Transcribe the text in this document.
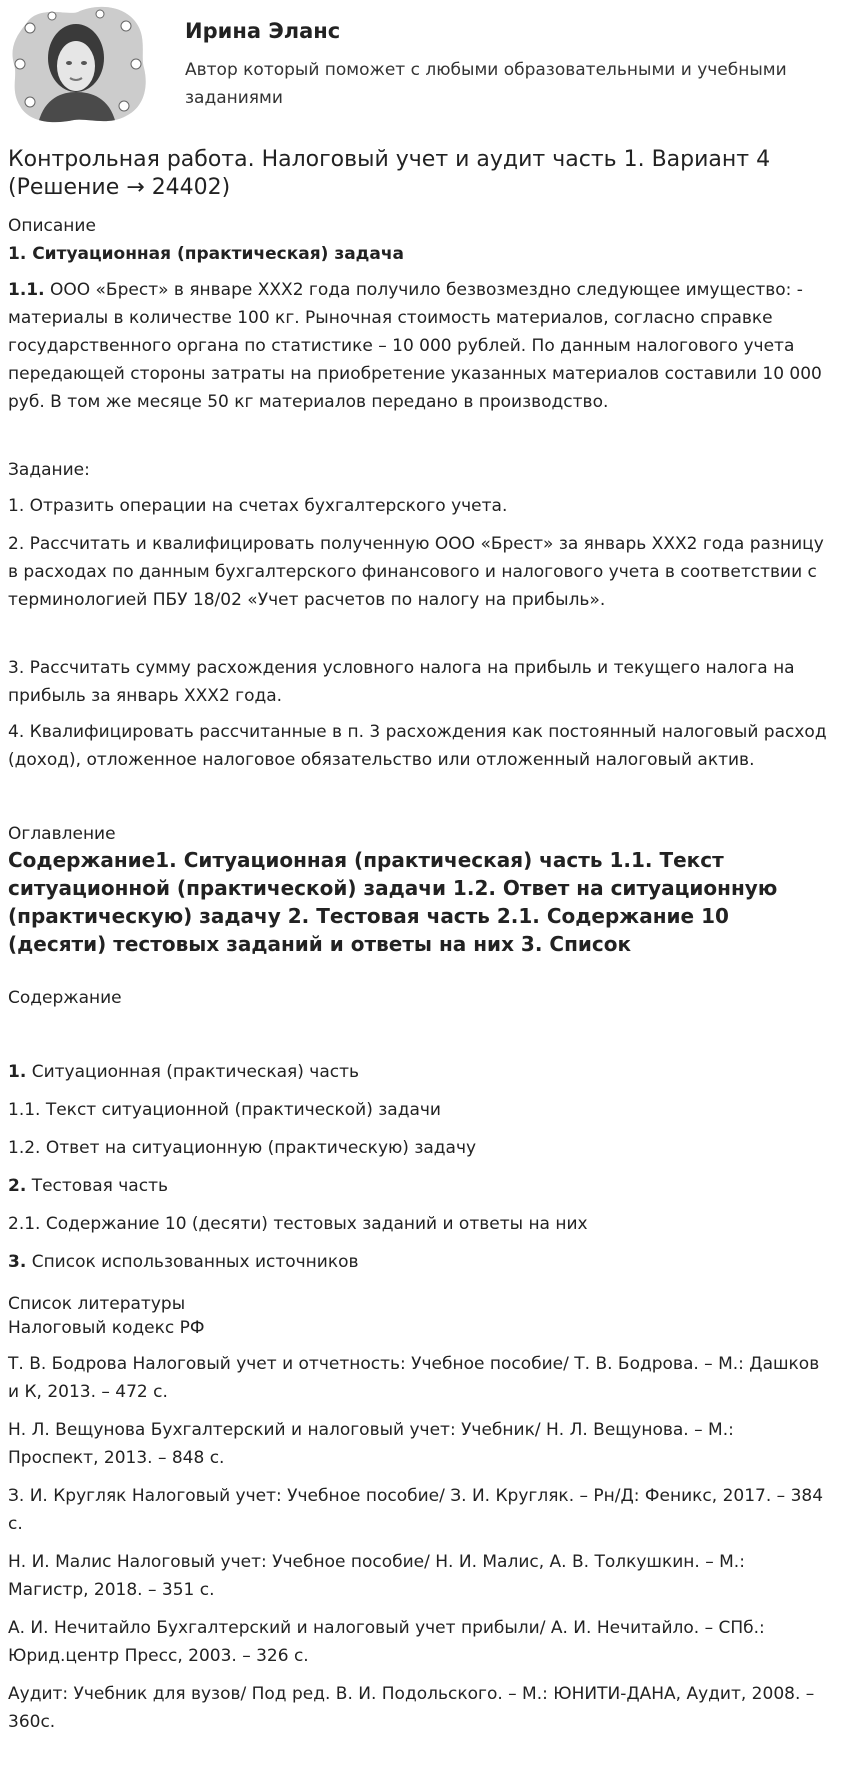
Ирина Эланс

Автор который поможет с любыми образовательными и учебными заданиями

Контрольная работа. Налоговый учет и аудит часть 1. Вариант 4 (Решение → 24402)

Описание

1. Ситуационная (практическая) задача

1.1. ООО «Брест» в январе ХХХ2 года получило безвозмездно следующее имущество: - материалы в количестве 100 кг. Рыночная стоимость материалов, согласно справке государственного органа по статистике – 10 000 рублей. По данным налогового учета передающей стороны затраты на приобретение указанных материалов составили 10 000 руб. В том же месяце 50 кг материалов передано в производство.

Задание:

1. Отразить операции на счетах бухгалтерского учета.

2. Рассчитать и квалифицировать полученную ООО «Брест» за январь ХХХ2 года разницу в расходах по данным бухгалтерского финансового и налогового учета в соответствии с терминологией ПБУ 18/02 «Учет расчетов по налогу на прибыль».

3. Рассчитать сумму расхождения условного налога на прибыль и текущего налога на прибыль за январь ХХХ2 года.

4. Квалифицировать рассчитанные в п. 3 расхождения как постоянный налоговый расход (доход), отложенное налоговое обязательство или отложенный налоговый актив.

Оглавление

Содержание1. Ситуационная (практическая) часть 1.1. Текст ситуационной (практической) задачи 1.2. Ответ на ситуационную (практическую) задачу 2. Тестовая часть 2.1. Содержание 10 (десяти) тестовых заданий и ответы на них 3. Список

Содержание

1. Ситуационная (практическая) часть

1.1. Текст ситуационной (практической) задачи

1.2. Ответ на ситуационную (практическую) задачу

2. Тестовая часть

2.1. Содержание 10 (десяти) тестовых заданий и ответы на них

3. Список использованных источников

Список литературы

Налоговый кодекс РФ

Т. В. Бодрова Налоговый учет и отчетность: Учебное пособие/ Т. В. Бодрова. – М.: Дашков и К, 2013. – 472 с.

Н. Л. Вещунова Бухгалтерский и налоговый учет: Учебник/ Н. Л. Вещунова. – М.: Проспект, 2013. – 848 с.

З. И. Кругляк Налоговый учет: Учебное пособие/ З. И. Кругляк. – Рн/Д: Феникс, 2017. – 384 с.

Н. И. Малис Налоговый учет: Учебное пособие/ Н. И. Малис, А. В. Толкушкин. – М.: Магистр, 2018. – 351 с.

А. И. Нечитайло Бухгалтерский и налоговый учет прибыли/ А. И. Нечитайло. – СПб.: Юрид.центр Пресс, 2003. – 326 с.

Аудит: Учебник для вузов/ Под ред. В. И. Подольского. – М.: ЮНИТИ-ДАНА, Аудит, 2008. – 360с.
